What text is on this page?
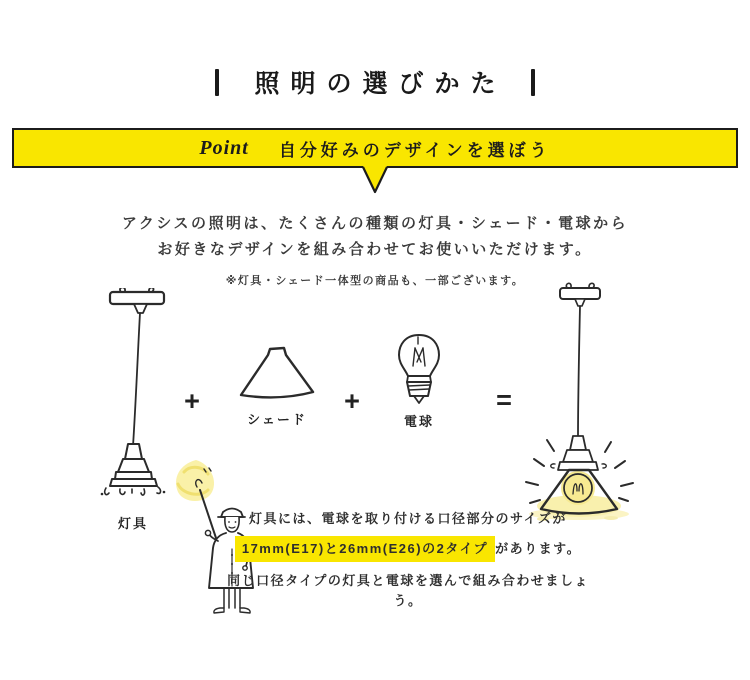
照明の選びかた
Point 自分好みのデザインを選ぼう
アクシスの照明は、たくさんの種類の灯具・シェード・電球から
お好きなデザインを組み合わせてお使いいただけます。
※灯具・シェード一体型の商品も、一部ございます。
灯具
+
シェード
+
電球
=
灯具には、電球を取り付ける口径部分のサイズが
17mm(E17)と26mm(E26)の2タイプ があります。
同じ口径タイプの灯具と電球を選んで組み合わせましょう。
